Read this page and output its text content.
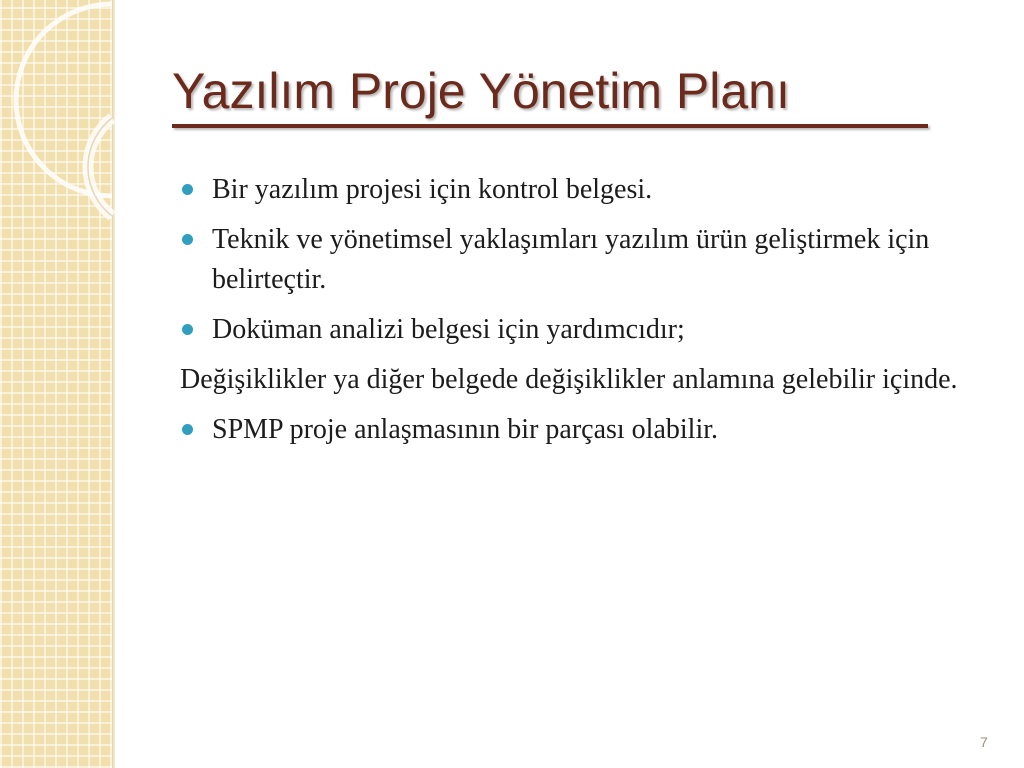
Yazılım Proje Yönetim Planı
Bir yazılım projesi için kontrol belgesi.
Teknik ve yönetimsel yaklaşımları yazılım ürün geliştirmek için belirteçtir.
Doküman analizi belgesi için yardımcıdır;
Değişiklikler ya diğer belgede değişiklikler anlamına gelebilir içinde.
SPMP proje anlaşmasının bir parçası olabilir.
7
